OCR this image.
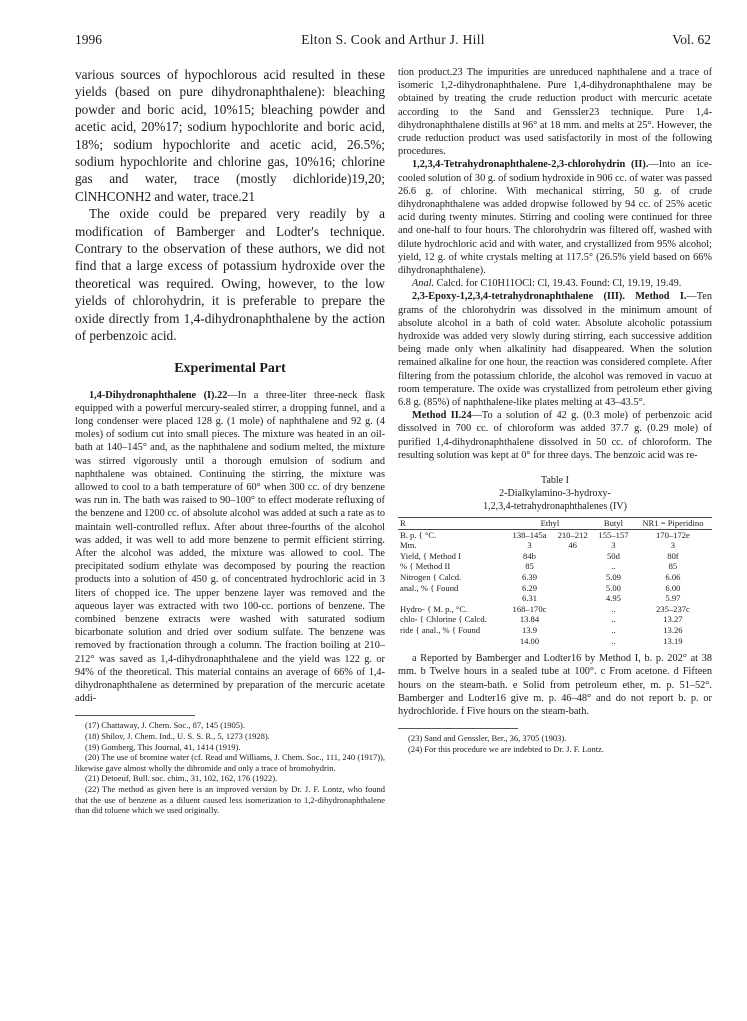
1996	Elton S. Cook and Arthur J. Hill	Vol. 62

various sources of hypochlorous acid resulted in these yields (based on pure dihydronaphthalene): bleaching powder and boric acid, 10%15; bleaching powder and acetic acid, 20%17; sodium hypochlorite and boric acid, 18%; sodium hypochlorite and acetic acid, 26.5%; sodium hypochlorite and chlorine gas, 10%16; chlorine gas and water, trace (mostly dichloride)19,20; ClNHCONH2 and water, trace.21

The oxide could be prepared very readily by a modification of Bamberger and Lodter's technique. Contrary to the observation of these authors, we did not find that a large excess of potassium hydroxide over the theoretical was required. Owing, however, to the low yields of chlorohydrin, it is preferable to prepare the oxide directly from 1,4-dihydronaphthalene by the action of perbenzoic acid.

Experimental Part

1,4-Dihydronaphthalene (I).22—In a three-liter three-neck flask equipped with a powerful mercury-sealed stirrer, a dropping funnel, and a long condenser were placed 128 g. (1 mole) of naphthalene and 92 g. (4 moles) of sodium cut into small pieces. The mixture was heated in an oil-bath at 140–145° and, as the naphthalene and sodium melted, the mixture was stirred vigorously until a thorough emulsion of sodium and naphthalene was obtained. Continuing the stirring, the mixture was allowed to cool to a bath temperature of 60° when 300 cc. of dry benzene was run in. The bath was raised to 90–100° to effect moderate refluxing of the benzene and 1200 cc. of absolute alcohol was added at such a rate as to maintain well-controlled reflux. After about three-fourths of the alcohol was added, it was well to add more benzene to permit efficient stirring. After the alcohol was added, the mixture was allowed to cool. The precipitated sodium ethylate was decomposed by pouring the reaction products into a solution of 450 g. of concentrated hydrochloric acid in 3 liters of chopped ice. The upper benzene layer was removed and the aqueous layer was extracted with two 100-cc. portions of benzene. The combined benzene extracts were washed with saturated sodium bicarbonate solution and dried over sodium sulfate. The benzene was removed by fractionation through a column. The fraction boiling at 210–212° was saved as 1,4-dihydronaphthalene and the yield was 122 g. or 94% of the theoretical. This material contains an average of 66% of 1,4-dihydronaphthalene as determined by preparation of the mercuric acetate addi-

(17) Chattaway, J. Chem. Soc., 87, 145 (1905).

(18) Shilov, J. Chem. Ind., U. S. S. R., 5, 1273 (1928).

(19) Gomberg, This Journal, 41, 1414 (1919).

(20) The use of bromine water (cf. Read and Williams, J. Chem. Soc., 111, 240 (1917)), likewise gave almost wholly the dibromide and only a trace of bromohydrin.

(21) Detoeuf, Bull. soc. chim., 31, 102, 162, 176 (1922).

(22) The method as given here is an improved version by Dr. J. F. Lontz, who found that the use of benzene as a diluent caused less isomerization to 1,2-dihydronaphthalene than did toluene which we used originally.

tion product.23 The impurities are unreduced naphthalene and a trace of isomeric 1,2-dihydronaphthalene. Pure 1,4-dihydronaphthalene may be obtained by treating the crude reduction product with mercuric acetate according to the Sand and Genssler23 technique. Pure 1,4-dihydronaphthalene distills at 96° at 18 mm. and melts at 25°. However, the crude reduction product was used satisfactorily in most of the following procedures.

1,2,3,4-Tetrahydronaphthalene-2,3-chlorohydrin (II).—Into an ice-cooled solution of 30 g. of sodium hydroxide in 906 cc. of water was passed 26.6 g. of chlorine. With mechanical stirring, 50 g. of crude dihydronaphthalene was added dropwise followed by 94 cc. of 25% acetic acid during twenty minutes. Stirring and cooling were continued for three and one-half to four hours. The chlorohydrin was filtered off, washed with dilute hydrochloric acid and with water, and crystallized from 95% alcohol; yield, 12 g. of white crystals melting at 117.5° (26.5% yield based on 66% dihydronaphthalene).

Anal. Calcd. for C10H11OCl: Cl, 19.43. Found: Cl, 19.19, 19.49.

2,3-Epoxy-1,2,3,4-tetrahydronaphthalene (III). Method I.—Ten grams of the chlorohydrin was dissolved in the minimum amount of absolute alcohol in a bath of cold water. Absolute alcoholic potassium hydroxide was added very slowly during stirring, each successive addition being made only when alkalinity had disappeared. When the solution remained alkaline for one hour, the reaction was considered complete. After filtering from the potassium chloride, the alcohol was removed in vacuo at room temperature. The oxide was crystallized from petroleum ether giving 6.8 g. (85%) of naphthalene-like plates melting at 43–43.5°.

Method II.24—To a solution of 42 g. (0.3 mole) of perbenzoic acid dissolved in 700 cc. of chloroform was added 37.7 g. (0.29 mole) of purified 1,4-dihydronaphthalene dissolved in 50 cc. of chloroform. The resulting solution was kept at 0° for three days. The benzoic acid was re-

Table I
2-Dialkylamino-3-hydroxy-
1,2,3,4-tetrahydronaphthalenes (IV)
R	Ethyl		Butyl	NR1 = Piperidino
B. p. { °C.	138–145a	210–212	155–157	170–172e
Mm.	3	46	3	3
Yield, { Method I	84b		50d	80f
% { Method II	85		..	85
Nitrogen { Calcd.	6.39		5.09	6.06
anal., % { Found	6.29		5.00	6.00
	6.31		4.95	5.97
Hydro- { M. p., °C.	168–170c		..	235–237c
chlo- { Chlorine { Calcd.	13.84		..	13.27
ride { anal., % { Found	13.9		..	13.26
	14.00		..	13.19

a Reported by Bamberger and Lodter16 by Method I, b. p. 202° at 38 mm. b Twelve hours in a sealed tube at 100°. c From acetone. d Fifteen hours on the steam-bath. e Solid from petroleum ether, m. p. 51–52°. Bamberger and Lodter16 give m. p. 46–48° and do not report b. p. or hydrochloride. f Five hours on the steam-bath.

(23) Sand and Genssler, Ber., 36, 3705 (1903).

(24) For this procedure we are indebted to Dr. J. F. Lontz.
